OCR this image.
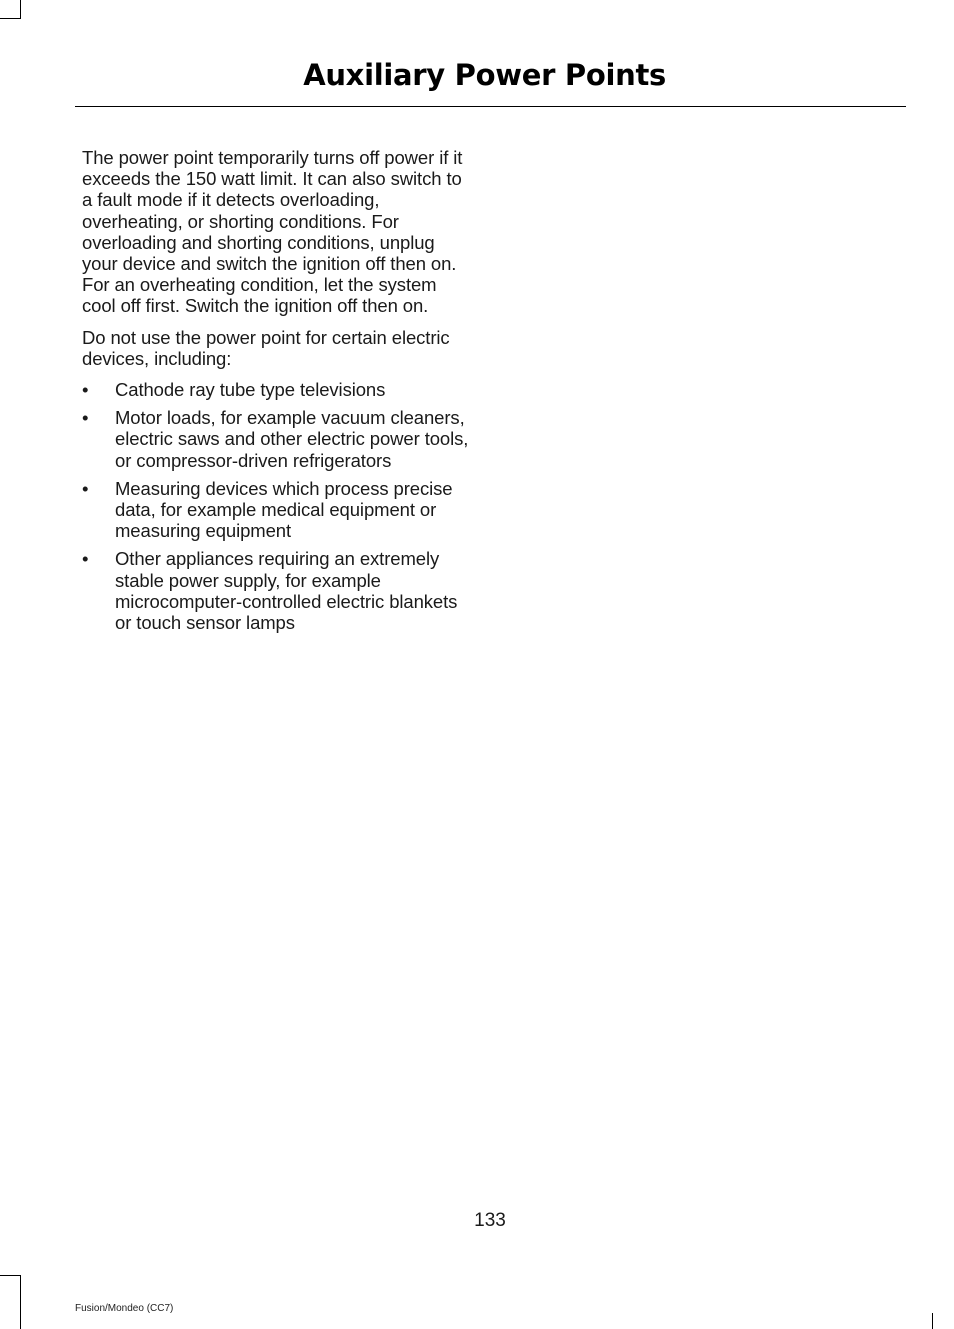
Auxiliary Power Points

The power point temporarily turns off power if it exceeds the 150 watt limit. It can also switch to a fault mode if it detects overloading, overheating, or shorting conditions. For overloading and shorting conditions, unplug your device and switch the ignition off then on. For an overheating condition, let the system cool off first. Switch the ignition off then on.

Do not use the power point for certain electric devices, including:

• Cathode ray tube type televisions
• Motor loads, for example vacuum cleaners, electric saws and other electric power tools, or compressor-driven refrigerators
• Measuring devices which process precise data, for example medical equipment or measuring equipment
• Other appliances requiring an extremely stable power supply, for example microcomputer-controlled electric blankets or touch sensor lamps
133
Fusion/Mondeo (CC7)
